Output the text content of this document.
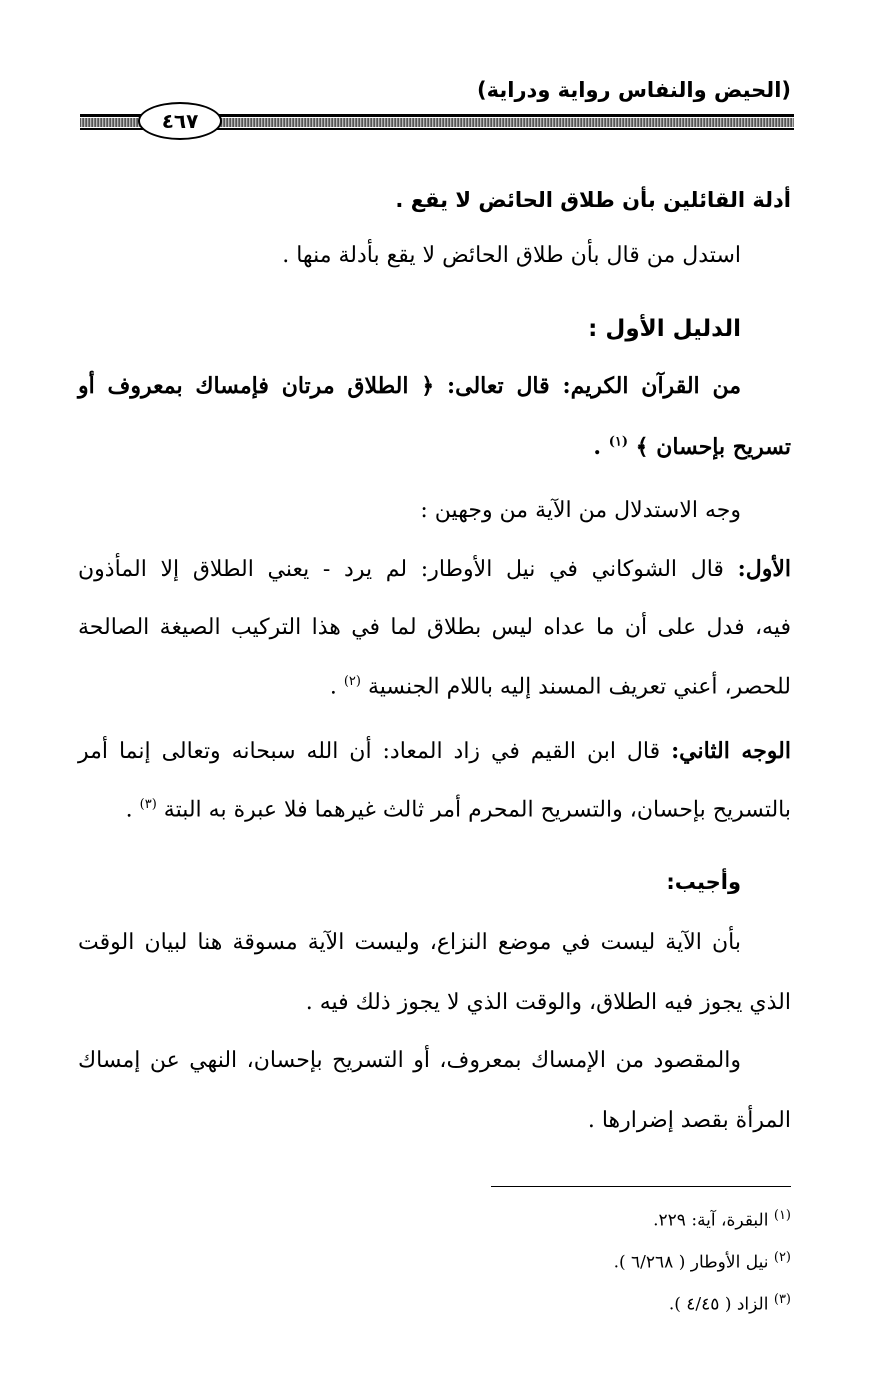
(الحيض والنفاس رواية ودراية)
٤٦٧
أدلة القائلين بأن طلاق الحائض لا يقع .
استدل من قال بأن طلاق الحائض لا يقع بأدلة منها .
الدليل الأول :
من القرآن الكريم: قال تعالى: ﴿ الطلاق مرتان فإمساك بمعروف أو
تسريح بإحسان ﴾ $^{(١)}$ .
وجه الاستدلال من الآية من وجهين :
الأول: قال الشوكاني في نيل الأوطار: لم يرد - يعني الطلاق إلا المأذون
فيه، فدل على أن ما عداه ليس بطلاق لما في هذا التركيب الصيغة الصالحة
للحصر، أعني تعريف المسند إليه باللام الجنسية $^{(٢)}$ .
الوجه الثاني: قال ابن القيم في زاد المعاد: أن الله سبحانه وتعالى إنما أمر
بالتسريح بإحسان، والتسريح المحرم أمر ثالث غيرهما فلا عبرة به البتة $^{(٣)}$ .
وأجيب:
بأن الآية ليست في موضع النزاع، وليست الآية مسوقة هنا لبيان الوقت
الذي يجوز فيه الطلاق، والوقت الذي لا يجوز ذلك فيه .
والمقصود من الإمساك بمعروف، أو التسريح بإحسان، النهي عن إمساك
المرأة بقصد إضرارها .
$^{(١)}$ البقرة، آية: ٢٢٩.
$^{(٢)}$ نيل الأوطار ( ٦/٢٦٨ ).
$^{(٣)}$ الزاد ( ٤/٤٥ ).
